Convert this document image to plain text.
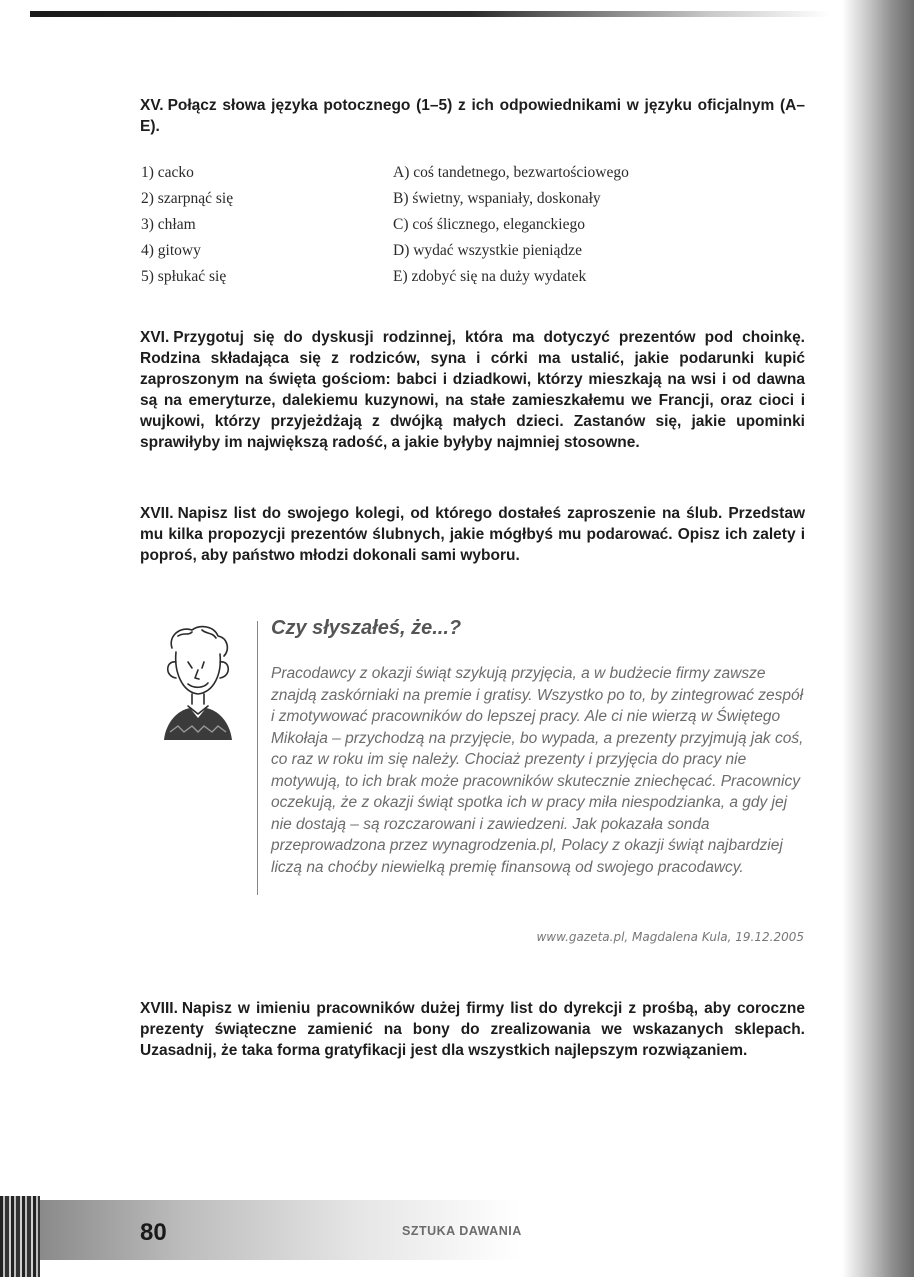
XV. Połącz słowa języka potocznego (1–5) z ich odpowiednikami w języku oficjalnym (A–E).
1) cacko
2) szarpnąć się
3) chłam
4) gitowy
5) spłukać się
A) coś tandetnego, bezwartościowego
B) świetny, wspaniały, doskonały
C) coś ślicznego, eleganckiego
D) wydać wszystkie pieniądze
E) zdobyć się na duży wydatek
XVI. Przygotuj się do dyskusji rodzinnej, która ma dotyczyć prezentów pod choinkę. Rodzina składająca się z rodziców, syna i córki ma ustalić, jakie podarunki kupić zaproszonym na święta gościom: babci i dziadkowi, którzy mieszkają na wsi i od dawna są na emeryturze, dalekiemu kuzynowi, na stałe zamieszkałemu we Francji, oraz cioci i wujkowi, którzy przyjeżdżają z dwójką małych dzieci. Zastanów się, jakie upominki sprawiłyby im największą radość, a jakie byłyby najmniej stosowne.
XVII. Napisz list do swojego kolegi, od którego dostałeś zaproszenie na ślub. Przedstaw mu kilka propozycji prezentów ślubnych, jakie mógłbyś mu podarować. Opisz ich zalety i poproś, aby państwo młodzi dokonali sami wyboru.
Czy słyszałeś, że...?

Pracodawcy z okazji świąt szykują przyjęcia, a w budżecie firmy zawsze znajdą zaskórniaki na premie i gratisy. Wszystko po to, by zintegrować zespół i zmotywować pracowników do lepszej pracy. Ale ci nie wierzą w Świętego Mikołaja – przychodzą na przyjęcie, bo wypada, a prezenty przyjmują jak coś, co raz w roku im się należy. Chociaż prezenty i przyjęcia do pracy nie motywują, to ich brak może pracowników skutecznie zniechęcać. Pracownicy oczekują, że z okazji świąt spotka ich w pracy miła niespodzianka, a gdy jej nie dostają – są rozczarowani i zawiedzeni. Jak pokazała sonda przeprowadzona przez wynagrodzenia.pl, Polacy z okazji świąt najbardziej liczą na choćby niewielką premię finansową od swojego pracodawcy.

www.gazeta.pl, Magdalena Kula, 19.12.2005
XVIII. Napisz w imieniu pracowników dużej firmy list do dyrekcji z prośbą, aby coroczne prezenty świąteczne zamienić na bony do zrealizowania we wskazanych sklepach. Uzasadnij, że taka forma gratyfikacji jest dla wszystkich najlepszym rozwiązaniem.
80	SZTUKA DAWANIA
